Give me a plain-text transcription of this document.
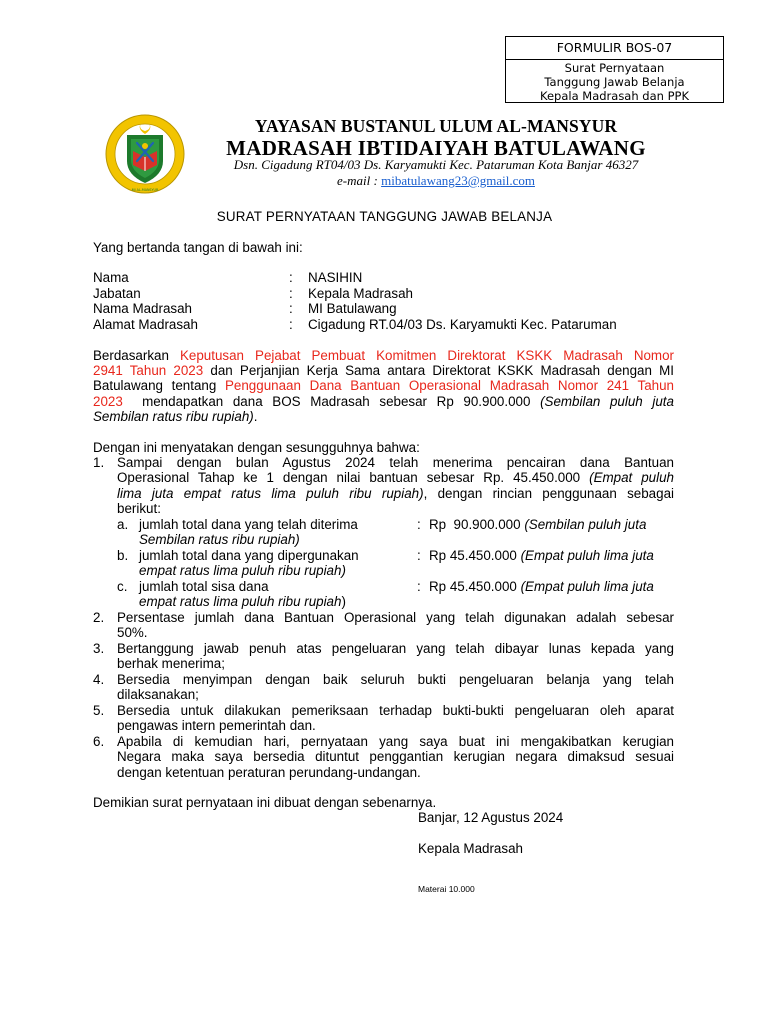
FORMULIR BOS-07
Surat Pernyataan
Tanggung Jawab Belanja
Kepala Madrasah dan PPK
MI AL-MANSYUR
YAYASAN BUSTANUL ULUM AL-MANSYUR
MADRASAH IBTIDAIYAH BATULAWANG
Dsn. Cigadung RT04/03 Ds. Karyamukti Kec. Pataruman Kota Banjar 46327
e-mail : mibatulawang23@gmail.com
SURAT PERNYATAAN TANGGUNG JAWAB BELANJA
Yang bertanda tangan di bawah ini:
Nama	: NASIHIN
Jabatan	: Kepala Madrasah
Nama Madrasah	: MI Batulawang
Alamat Madrasah	: Cigadung RT.04/03 Ds. Karyamukti Kec. Pataruman
Berdasarkan Keputusan Pejabat Pembuat Komitmen Direktorat KSKK Madrasah Nomor
2941 Tahun 2023 dan Perjanjian Kerja Sama antara Direktorat KSKK Madrasah dengan MI
Batulawang tentang Penggunaan Dana Bantuan Operasional Madrasah Nomor 241 Tahun
2023  mendapatkan dana BOS Madrasah sebesar Rp 90.900.000 (Sembilan puluh juta
Sembilan ratus ribu rupiah).
Dengan ini menyatakan dengan sesungguhnya bahwa:
1. Sampai dengan bulan Agustus 2024 telah menerima pencairan dana Bantuan
Operasional Tahap ke 1 dengan nilai bantuan sebesar Rp. 45.450.000 (Empat puluh
lima juta empat ratus lima puluh ribu rupiah), dengan rincian penggunaan sebagai
berikut:
a. jumlah total dana yang telah diterima	: Rp  90.900.000 (Sembilan puluh juta
Sembilan ratus ribu rupiah)
b. jumlah total dana yang dipergunakan	: Rp 45.450.000 (Empat puluh lima juta
empat ratus lima puluh ribu rupiah)
c. jumlah total sisa dana	: Rp 45.450.000 (Empat puluh lima juta
empat ratus lima puluh ribu rupiah)
2. Persentase jumlah dana Bantuan Operasional yang telah digunakan adalah sebesar
50%.
3. Bertanggung jawab penuh atas pengeluaran yang telah dibayar lunas kepada yang
berhak menerima;
4. Bersedia menyimpan dengan baik seluruh bukti pengeluaran belanja yang telah
dilaksanakan;
5. Bersedia untuk dilakukan pemeriksaan terhadap bukti-bukti pengeluaran oleh aparat
pengawas intern pemerintah dan.
6. Apabila di kemudian hari, pernyataan yang saya buat ini mengakibatkan kerugian
Negara maka saya bersedia dituntut penggantian kerugian negara dimaksud sesuai
dengan ketentuan peraturan perundang-undangan.
Demikian surat pernyataan ini dibuat dengan sebenarnya.
Banjar, 12 Agustus 2024
Kepala Madrasah
Materai 10.000
